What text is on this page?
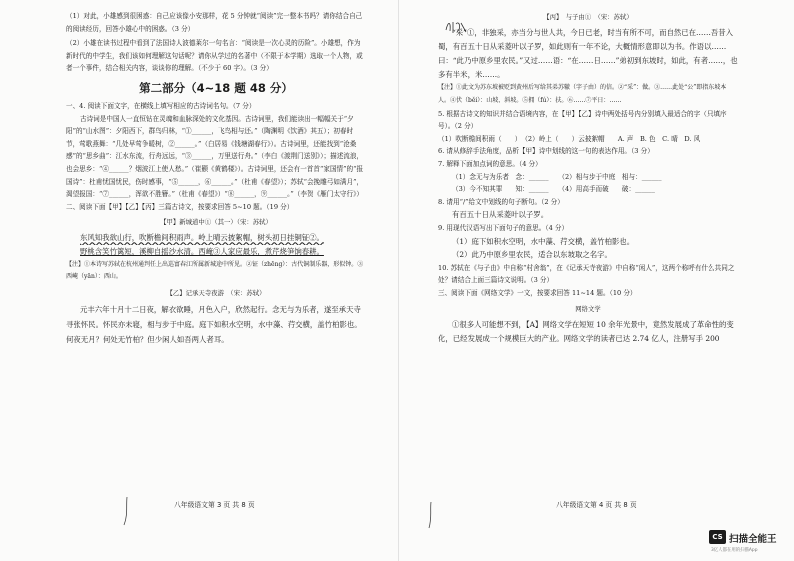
（1）对此，小雄感到很困惑：自己应该像小安那样，花 5 分钟就“阅读”完一整本书吗？请你结合自己的阅读经历，回答小雄心中的困惑。（3 分）

（2）小雄在读书过程中看到了法国诗人波德莱尔一句名言：“阅读是一次心灵的历险”。小雄想，作为新时代的中学生，我们该如何理解这句话呢？请你从学过的名著中（不限于本学期）选取一个人物，或者一个事件，结合相关内容，谈谈你的理解。（不少于 60 字）。（3 分）

第二部分（4~18 题 48 分）

一、4. 阅读下面文字，在横线上填写相应的古诗词名句。（7 分）

古诗词是中国人一直恒钻在灵魂和血脉深处的文化基因。古诗词里，我们能读出一幅幅关于“夕阳”的“山水图”：夕阳西下，群鸟归林，“①______，飞鸟相与还。”（陶渊明《饮酒》其五）；初春时节，莺歌燕舞：“几处早莺争暖树，②______。”（白居易《钱塘湖春行》）。古诗词里，还能找到“沧桑感”的“思乡曲”：江水东流，行舟远远，“③______，万里送行舟。”（李白《渡荆门送别》）；描述流浪，也会思乡：“④______？烟波江上使人愁。”（崔颢《黄鹤楼》）。古诗词里，还会有一首首“家国情”的“报国诗”：杜甫忧国忧民，伤时感事，“⑤______，⑥______。”（杜甫《春望》）；苏轼“会挽雕弓如满月”，渴望报国：“⑦______，浑欲不胜簪。”（杜甫《春望》）“⑧______，⑨______。”（李贺《雁门太守行》）

二、阅读下面【甲】【乙】【丙】三篇古诗文，按要求回答 5~10 题。（19 分）

【甲】新城道中①（其一）（宋：苏轼）

东风知我欲山行，吹断檐间积雨声。岭上晴云披絮帽，树头初日挂铜钲②。

野桃含笑竹篱短，溪柳自摇沙水清。西崦③人家应最乐，煮芹烧笋饷春耕。

【注】①本诗写苏轼在杭州通判任上出巡富春江所属新城途中所见。②钲（zhēng）：古代铜制乐器，形似钟。③西崦（yān）：西山。

【乙】记承天寺夜游　（宋：苏轼）

元丰六年十月十二日夜，解衣欲睡，月色入户，欣然起行。念无与为乐者，遂至承天寺寻张怀民。怀民亦未寝，相与步于中庭。庭下如积水空明，水中藻、荇交横，盖竹柏影也。何夜无月？何处无竹柏？但少闲人如吾两人者耳。

八年级语文第 3 页 共 8 页
【丙】　与子由①　（宋：苏轼）

“采”①，非独采，亦当分与世人共，今日已老，时当有所不可，而自然已在……吾昔入蜀，有百五十日从采菱叶以子罗，如此则有一年不论，大概情形意即以为书。作语以……曰：“此乃中原乡里农民。”又过……语：“在……日……”弟初到东坡时，如此，有者……，也多有半米，米……。

【注】①此文为苏东坡被贬到黄州后写给其弟苏辙（字子由）的信。②“采”：做。③……此处“公”即指东坡本人。④伏（běi）：山坡、斜坡。⑤拥（fú）：扶。⑥……⑦平日：……

5. 根据古诗文的知识并结合语境内容，在【甲】【乙】诗中两处括号内分别填入最适合的字（只填序号）。（2 分）

（1）吹断檐间积雨（　　）　（2）岭上（　　）云披絮帽　　A. 声　B. 色　C. 晴　D. 风

6. 请从修辞手法角度，品析【甲】诗中划线的这一句的表达作用。（3 分）

7. 解释下面加点词的意思。（4 分）

（1）念无与为乐者　念：______　　（2）相与步于中庭　相与：______

（3）今不知其罪　　知：______　　（4）用高手而破　　破：______

8. 请用“/”给文中划线的句子断句。（2 分）

有百五十日从采菱叶以子罗。

9. 用现代汉语写出下面句子的意思。（4 分）

（1）庭下如积水空明，水中藻、荇交横，盖竹柏影也。

（2）此乃中原乡里农民，适合以东坡取之名字。

10. 苏轼在《与子由》中自称“村舍翁”，在《记承天寺夜游》中自称“闲人”，这两个称呼有什么共同之处？请结合上面三篇诗文说明。（3 分）

三、阅读下面《网络文学》一文，按要求回答 11~14 题。（10 分）

网络文学

①很多人可能想不到，【A】网络文学在短短 10 余年光景中，竟然发展成了革命性的变化，已经发展成一个规模巨大的产业。网络文学的读者已达 2.74 亿人，注册写手 200

八年级语文第 4 页 共 8 页
CS 扫描全能王
3亿人都在用的扫描App
